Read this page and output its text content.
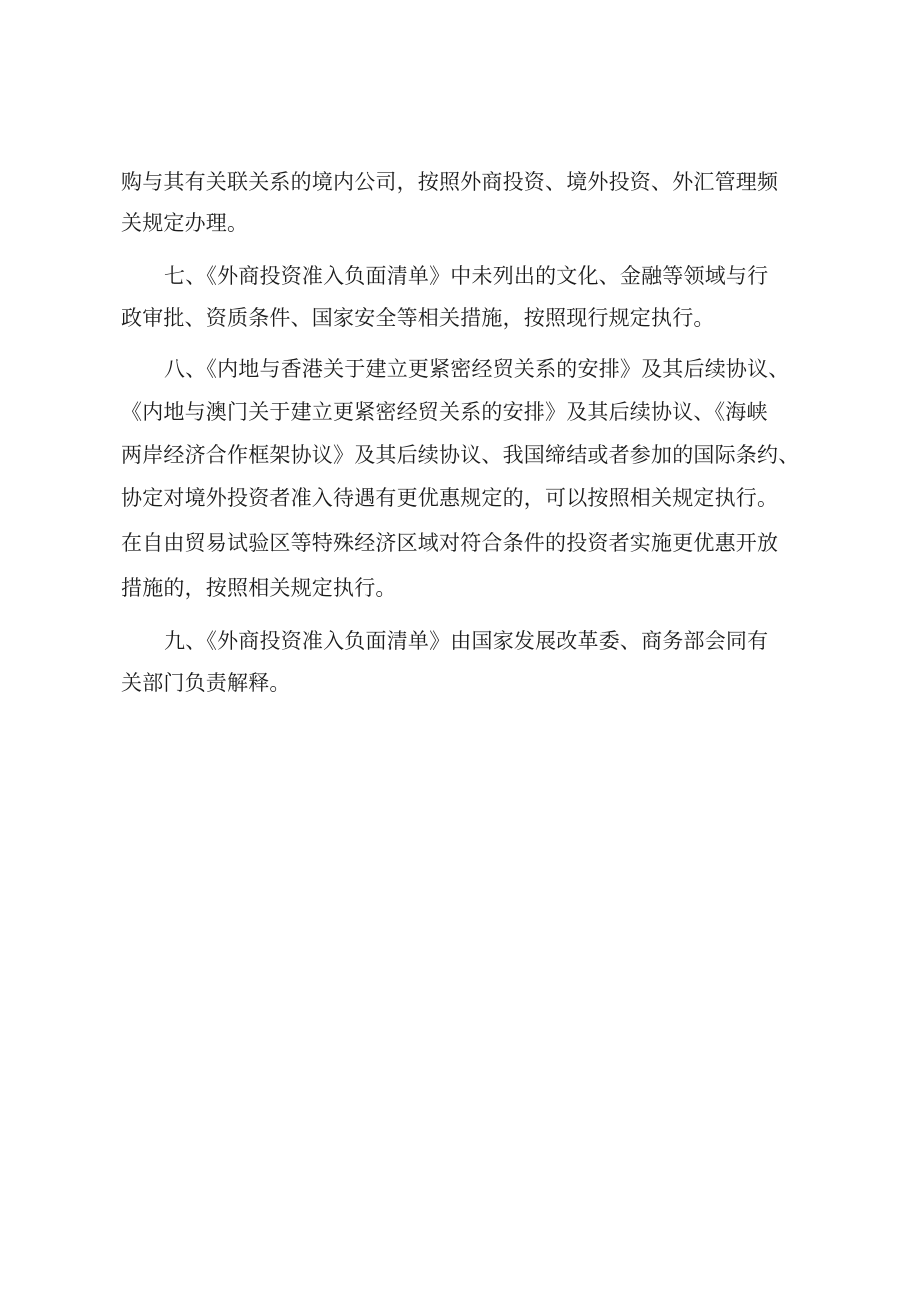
购与其有关联关系的境内公司，按照外商投资、境外投资、外汇管理频
关规定办理。
七、《外商投资准入负面清单》中未列出的文化、金融等领域与行
政审批、资质条件、国家安全等相关措施，按照现行规定执行。
八、《内地与香港关于建立更紧密经贸关系的安排》及其后续协议、
《内地与澳门关于建立更紧密经贸关系的安排》及其后续协议、《海峡
两岸经济合作框架协议》及其后续协议、我国缔结或者参加的国际条约、
协定对境外投资者准入待遇有更优惠规定的，可以按照相关规定执行。
在自由贸易试验区等特殊经济区域对符合条件的投资者实施更优惠开放
措施的，按照相关规定执行。
九、《外商投资准入负面清单》由国家发展改革委、商务部会同有
关部门负责解释。
